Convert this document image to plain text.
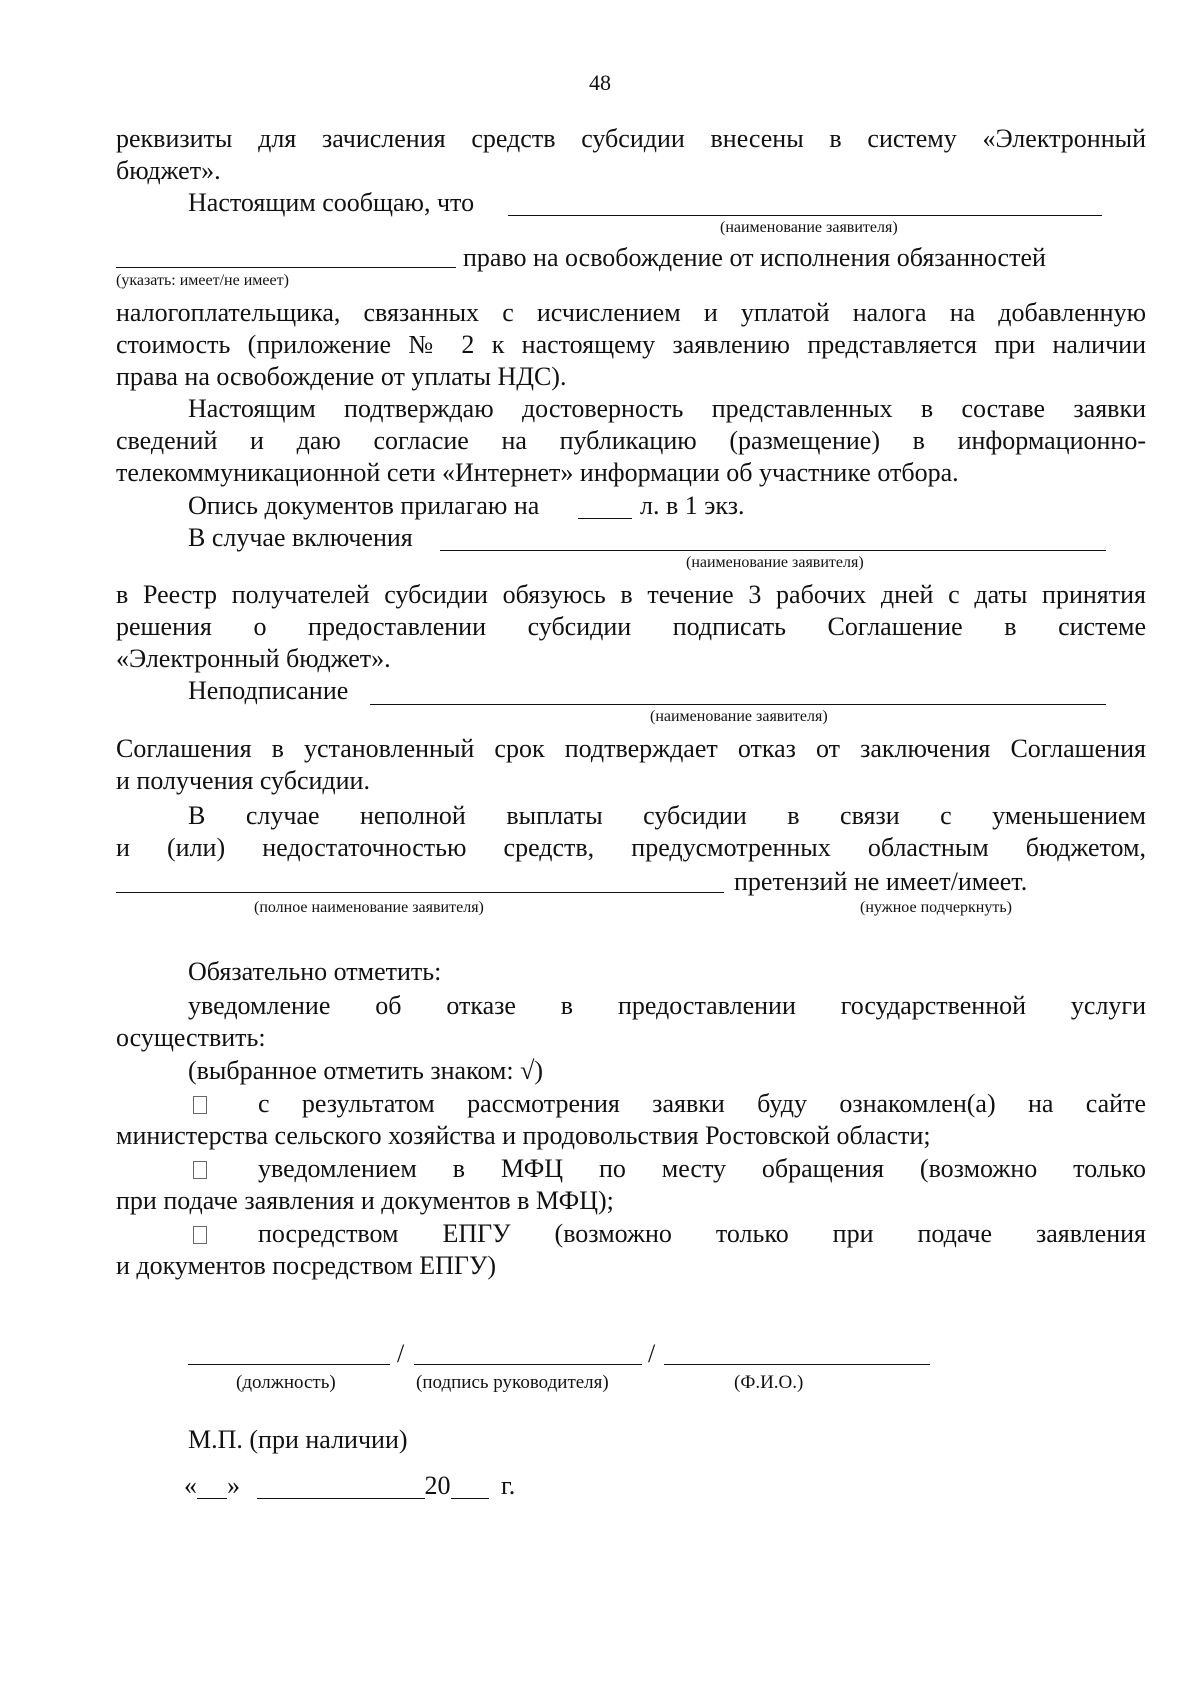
48
реквизиты для зачисления средств субсидии внесены в систему «Электронный
бюджет».
Настоящим сообщаю, что
(наименование заявителя)
право на освобождение от исполнения обязанностей
(указать: имеет/не имеет)
налогоплательщика, связанных с исчислением и уплатой налога на добавленную
стоимость (приложение № 2 к настоящему заявлению представляется при наличии
права на освобождение от уплаты НДС).
Настоящим подтверждаю достоверность представленных в составе заявки
сведений и даю согласие на публикацию (размещение) в информационно-
телекоммуникационной сети «Интернет» информации об участнике отбора.
Опись документов прилагаю на	л. в 1 экз.
В случае включения
(наименование заявителя)
в Реестр получателей субсидии обязуюсь в течение 3 рабочих дней с даты принятия
решения о предоставлении субсидии подписать Соглашение в системе
«Электронный бюджет».
Неподписание
(наименование заявителя)
Соглашения в установленный срок подтверждает отказ от заключения Соглашения
и получения субсидии.
В случае неполной выплаты субсидии в связи с уменьшением
и (или) недостаточностью средств, предусмотренных областным бюджетом,
претензий не имеет/имеет.
(полное наименование заявителя)	(нужное подчеркнуть)
Обязательно отметить:
уведомление об отказе в предоставлении государственной услуги
осуществить:
(выбранное отметить знаком: √)
с результатом рассмотрения заявки буду ознакомлен(а) на сайте
министерства сельского хозяйства и продовольствия Ростовской области;
уведомлением в МФЦ по месту обращения (возможно только
при подаче заявления и документов в МФЦ);
посредством ЕПГУ (возможно только при подаче заявления
и документов посредством ЕПГУ)
/	/
(должность)	(подпись руководителя)	(Ф.И.О.)
М.П. (при наличии)
« »	20 г.
